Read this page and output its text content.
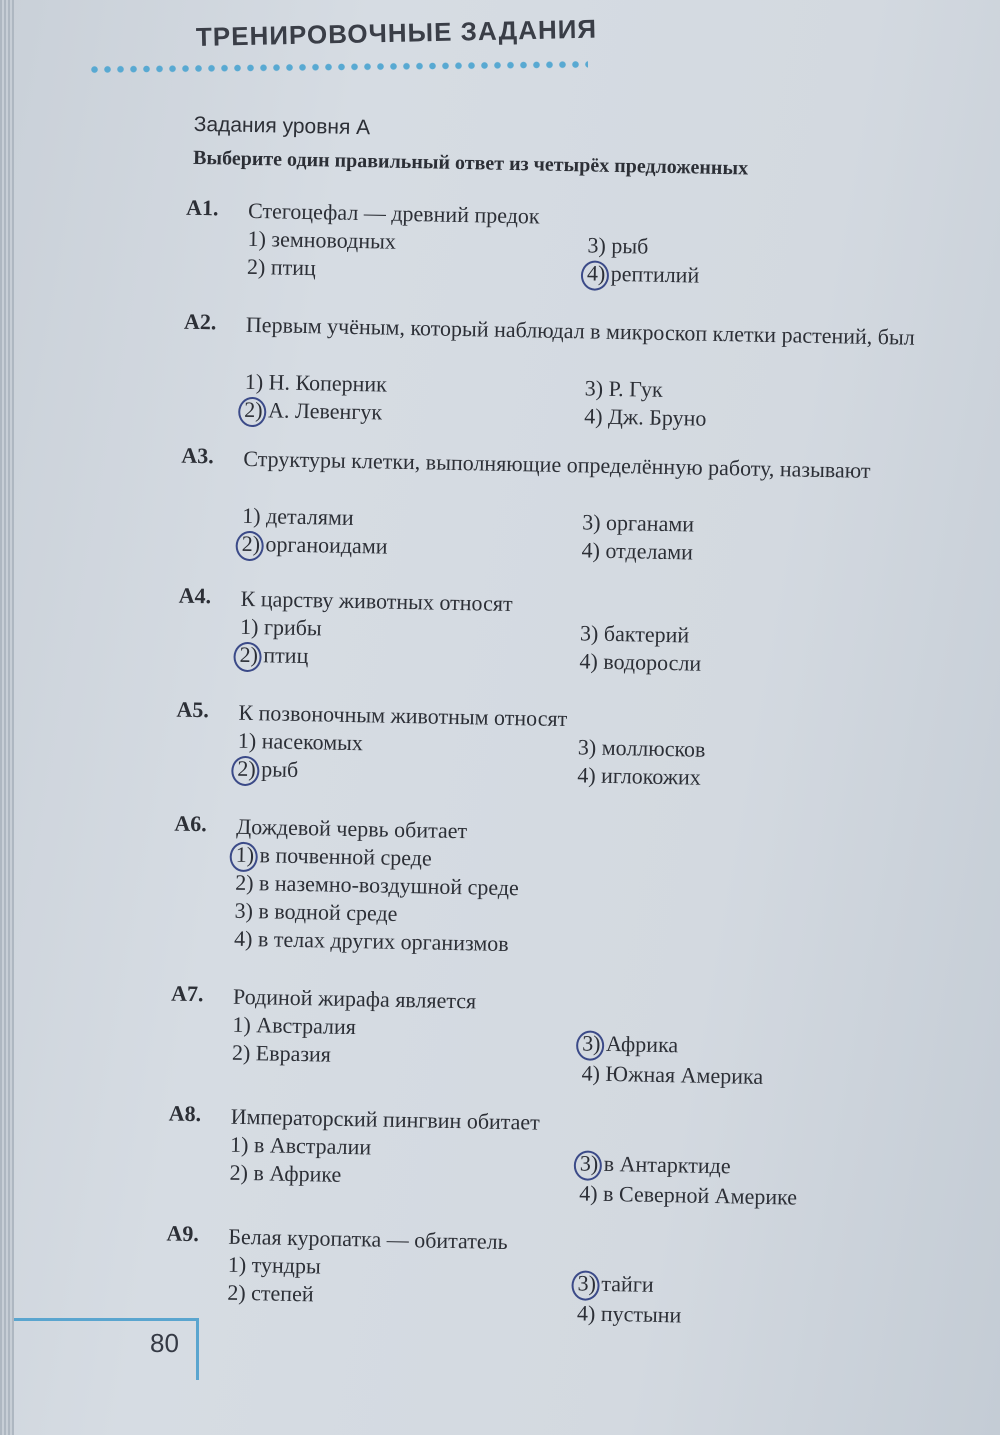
ТРЕНИРОВОЧНЫЕ ЗАДАНИЯ
Задания уровня А
Выберите один правильный ответ из четырёх предложенных
A1. Стегоцефал — древний предок
1) земноводных
2) птиц
3) рыб
4) рептилий
A2. Первым учёным, который наблюдал в микроскоп клетки растений, был
1) Н. Коперник
2) А. Левенгук
3) Р. Гук
4) Дж. Бруно
A3. Структуры клетки, выполняющие определённую работу, называют
1) деталями
2) органоидами
3) органами
4) отделами
A4. К царству животных относят
1) грибы
2) птиц
3) бактерий
4) водоросли
A5. К позвоночным животным относят
1) насекомых
2) рыб
3) моллюсков
4) иглокожих
A6. Дождевой червь обитает
1) в почвенной среде
2) в наземно-воздушной среде
3) в водной среде
4) в телах других организмов
A7. Родиной жирафа является
1) Австралия
2) Евразия	3) Африка
4) Южная Америка
A8. Императорский пингвин обитает
1) в Австралии
2) в Африке	3) в Антарктиде
4) в Северной Америке
A9. Белая куропатка — обитатель
1) тундры
2) степей	3) тайги
4) пустыни
80
